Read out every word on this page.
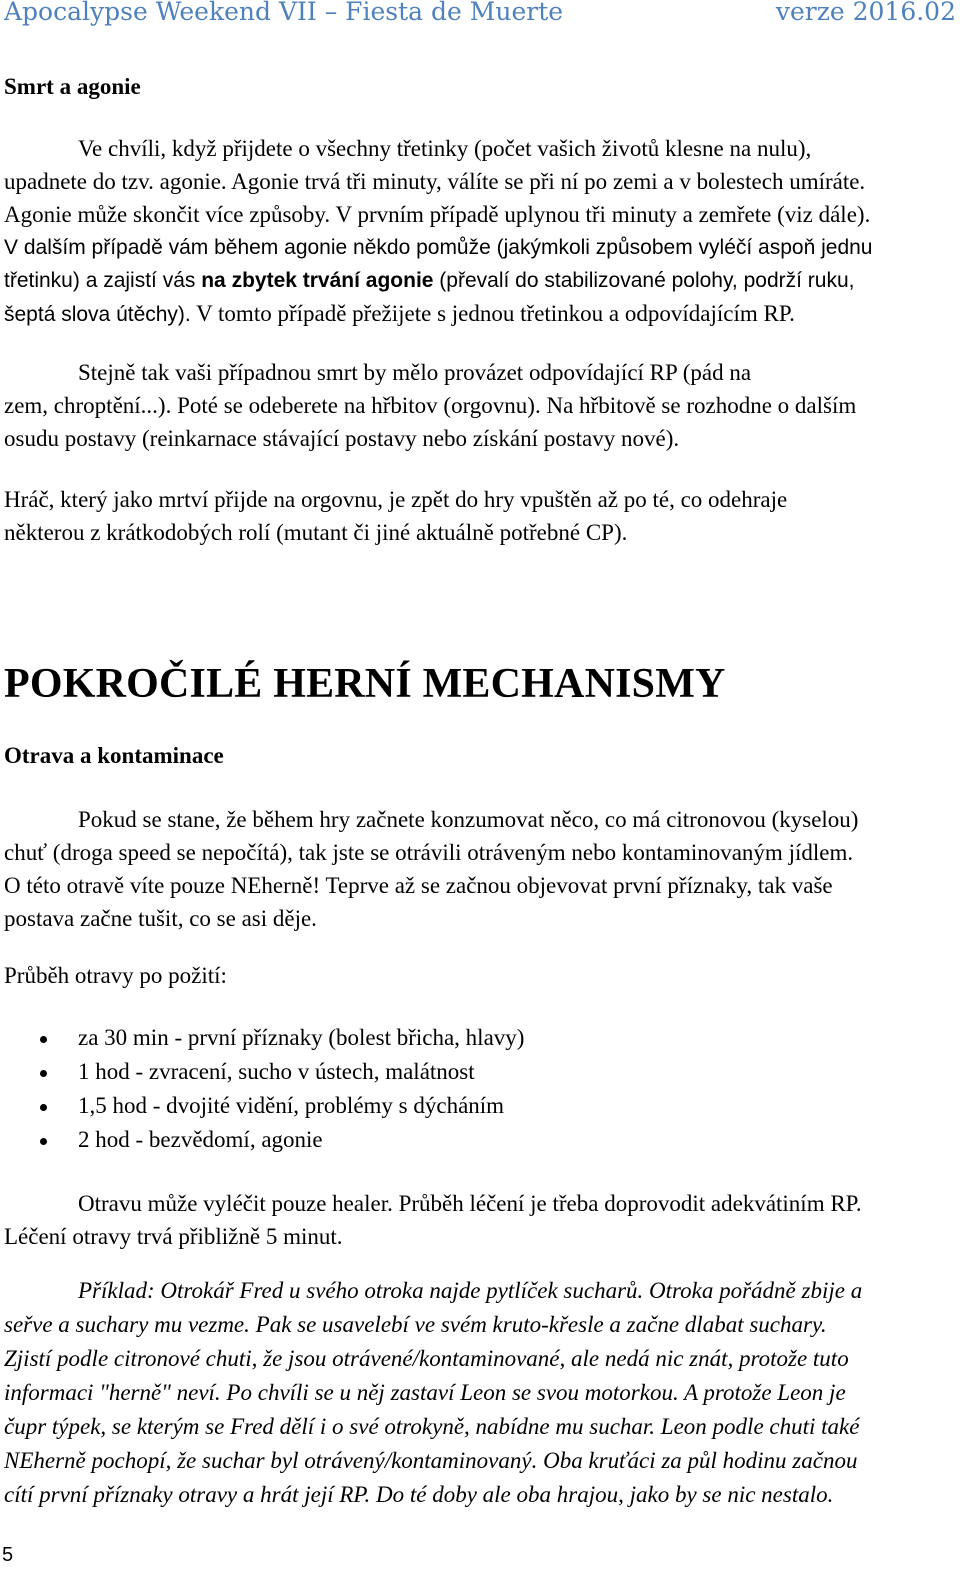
Apocalypse Weekend VII – Fiesta de Muerte	verze 2016.02
Smrt a agonie
Ve chvíli, když přijdete o všechny třetinky (počet vašich životů klesne na nulu),
upadnete do tzv. agonie. Agonie trvá tři minuty, válíte se při ní po zemi a v bolestech umíráte.
Agonie může skončit více způsoby. V prvním případě uplynou tři minuty a zemřete (viz dále).
V dalším případě vám během agonie někdo pomůže (jakýmkoli způsobem vyléčí aspoň jednu
třetinku) a zajistí vás na zbytek trvání agonie (převalí do stabilizované polohy, podrží ruku,
šeptá slova útěchy). V tomto případě přežijete s jednou třetinkou a odpovídajícím RP.
Stejně tak vaši případnou smrt by mělo provázet odpovídající RP (pád na
zem, chroptění...). Poté se odeberete na hřbitov (orgovnu). Na hřbitově se rozhodne o dalším
osudu postavy (reinkarnace stávající postavy nebo získání postavy nové).
Hráč, který jako mrtví přijde na orgovnu, je zpět do hry vpuštěn až po té, co odehraje
některou z krátkodobých rolí (mutant či jiné aktuálně potřebné CP).
POKROČILÉ HERNÍ MECHANISMY
Otrava a kontaminace
Pokud se stane, že během hry začnete konzumovat něco, co má citronovou (kyselou)
chuť (droga speed se nepočítá), tak jste se otrávili otráveným nebo kontaminovaným jídlem.
O této otravě víte pouze NEherně! Teprve až se začnou objevovat první příznaky, tak vaše
postava začne tušit, co se asi děje.
Průběh otravy po požití:
za 30 min - první příznaky (bolest břicha, hlavy)
1 hod - zvracení, sucho v ústech, malátnost
1,5 hod - dvojité vidění, problémy s dýcháním
2 hod - bezvědomí, agonie
Otravu může vyléčit pouze healer. Průběh léčení je třeba doprovodit adekvátiním RP.
Léčení otravy trvá přibližně 5 minut.
Příklad: Otrokář Fred u svého otroka najde pytlíček sucharů. Otroka pořádně zbije a
seřve a suchary mu vezme. Pak se usavelebí ve svém kruto-křesle a začne dlabat suchary.
Zjistí podle citronové chuti, že jsou otrávené/kontaminované, ale nedá nic znát, protože tuto
informaci "herně" neví. Po chvíli se u něj zastaví Leon se svou motorkou. A protože Leon je
čupr týpek, se kterým se Fred dělí i o své otrokyně, nabídne mu suchar. Leon podle chuti také
NEherně pochopí, že suchar byl otrávený/kontaminovaný. Oba kruťáci za půl hodinu začnou
cítí první příznaky otravy a hrát její RP. Do té doby ale oba hrajou, jako by se nic nestalo.
5
